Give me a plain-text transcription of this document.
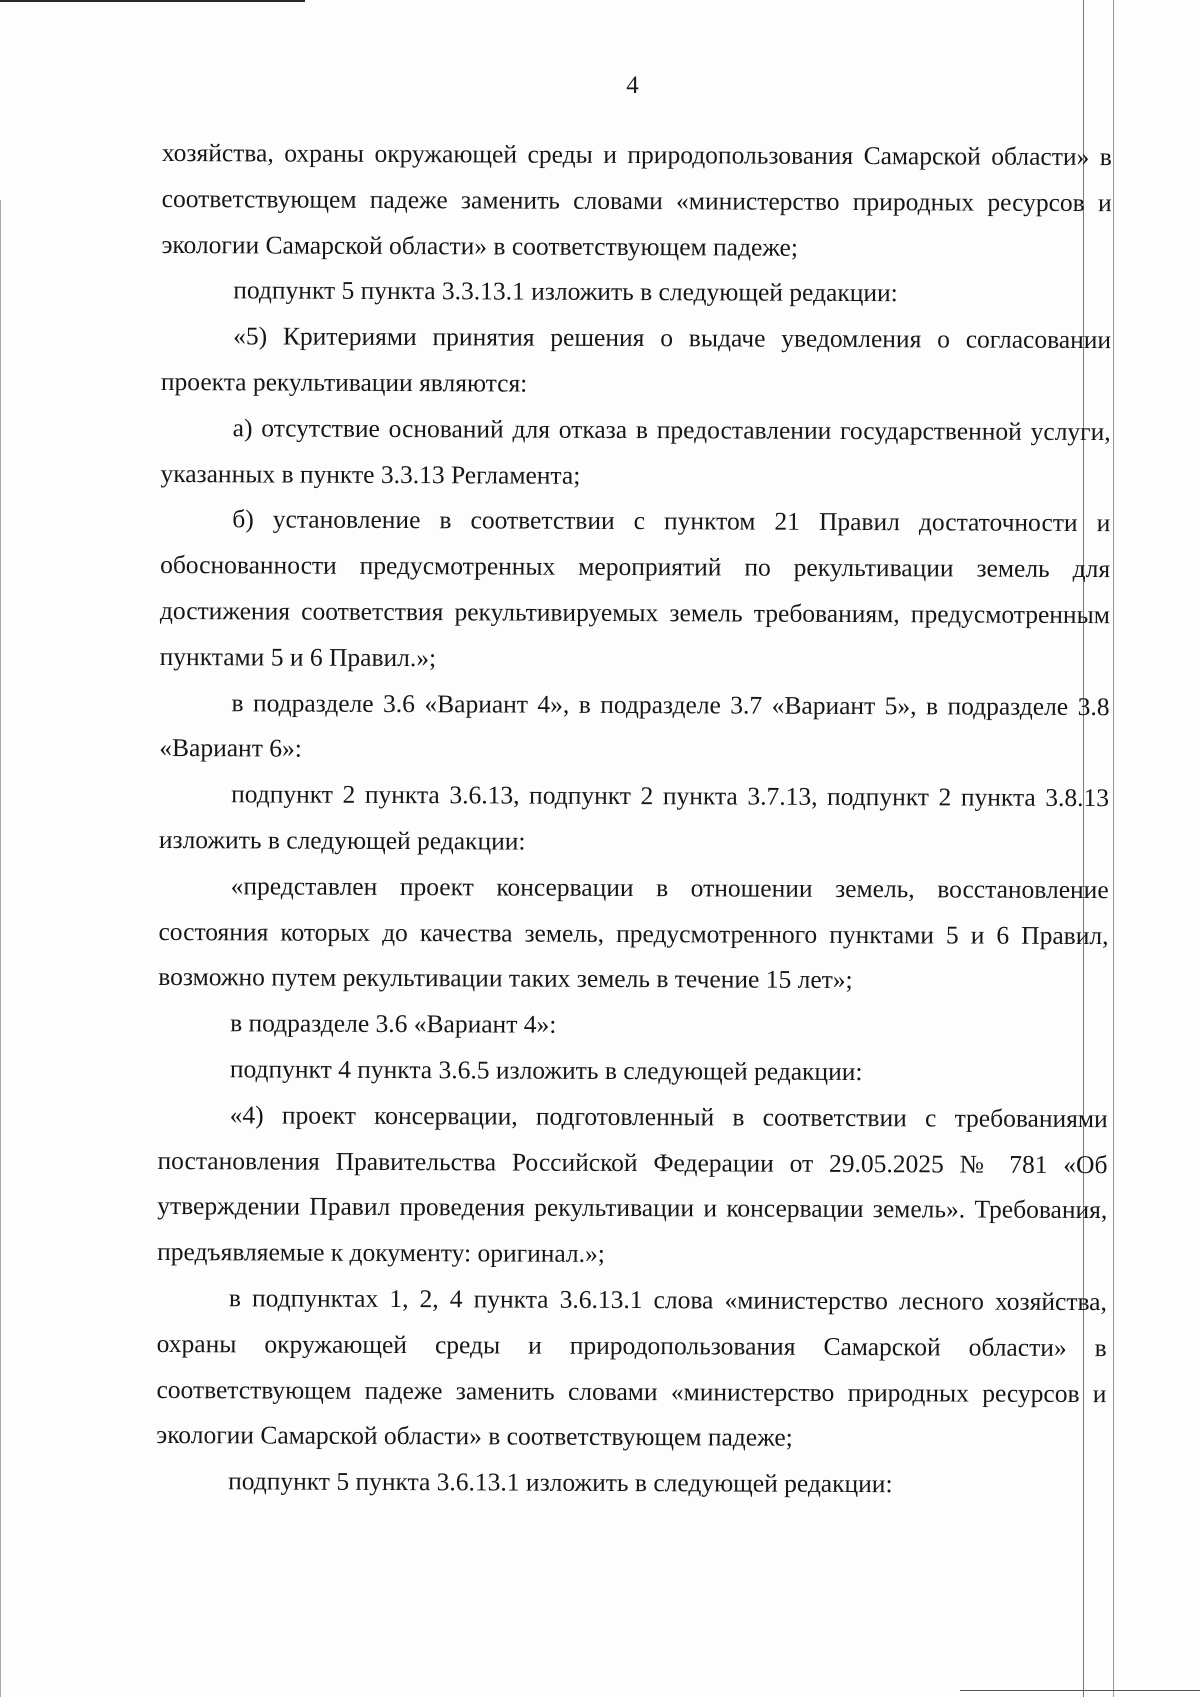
4

хозяйства, охраны окружающей среды и природопользования Самарской области» в соответствующем падеже заменить словами «министерство природных ресурсов и экологии Самарской области» в соответствующем падеже;

подпункт 5 пункта 3.3.13.1 изложить в следующей редакции:

«5) Критериями принятия решения о выдаче уведомления о согласовании проекта рекультивации являются:

а) отсутствие оснований для отказа в предоставлении государственной услуги, указанных в пункте 3.3.13 Регламента;

б) установление в соответствии с пунктом 21 Правил достаточности и обоснованности предусмотренных мероприятий по рекультивации земель для достижения соответствия рекультивируемых земель требованиям, предусмотренным пунктами 5 и 6 Правил.»;

в подразделе 3.6 «Вариант 4», в подразделе 3.7 «Вариант 5», в подразделе 3.8 «Вариант 6»:

подпункт 2 пункта 3.6.13, подпункт 2 пункта 3.7.13, подпункт 2 пункта 3.8.13 изложить в следующей редакции:

«представлен проект консервации в отношении земель, восстановление состояния которых до качества земель, предусмотренного пунктами 5 и 6 Правил, возможно путем рекультивации таких земель в течение 15 лет»;

в подразделе 3.6 «Вариант 4»:

подпункт 4 пункта 3.6.5 изложить в следующей редакции:

«4) проект консервации, подготовленный в соответствии с требованиями постановления Правительства Российской Федерации от 29.05.2025 № 781 «Об утверждении Правил проведения рекультивации и консервации земель». Требования, предъявляемые к документу: оригинал.»;

в подпунктах 1, 2, 4 пункта 3.6.13.1 слова «министерство лесного хозяйства, охраны окружающей среды и природопользования Самарской области» в соответствующем падеже заменить словами «министерство природных ресурсов и экологии Самарской области» в соответствующем падеже;

подпункт 5 пункта 3.6.13.1 изложить в следующей редакции:
